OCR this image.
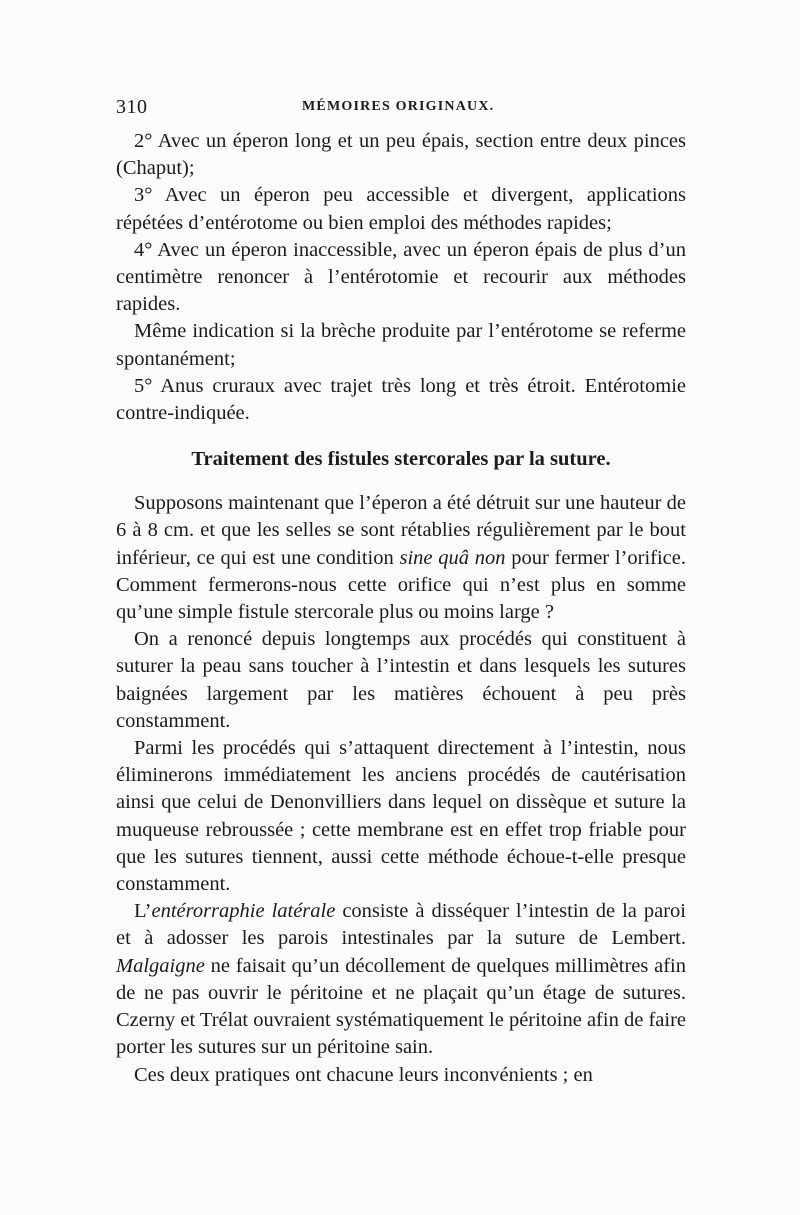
310	MÉMOIRES ORIGINAUX.

2° Avec un éperon long et un peu épais, section entre deux pinces (Chaput);

3° Avec un éperon peu accessible et divergent, applications répétées d’entérotome ou bien emploi des méthodes rapides;

4° Avec un éperon inaccessible, avec un éperon épais de plus d’un centimètre renoncer à l’entérotomie et recourir aux méthodes rapides.

Même indication si la brèche produite par l’entérotome se referme spontanément;

5° Anus cruraux avec trajet très long et très étroit. Entérotomie contre-indiquée.

Traitement des fistules stercorales par la suture.

Supposons maintenant que l’éperon a été détruit sur une hauteur de 6 à 8 cm. et que les selles se sont rétablies régulièrement par le bout inférieur, ce qui est une condition sine quâ non pour fermer l’orifice. Comment fermerons-nous cette orifice qui n’est plus en somme qu’une simple fistule stercorale plus ou moins large ?

On a renoncé depuis longtemps aux procédés qui constituent à suturer la peau sans toucher à l’intestin et dans lesquels les sutures baignées largement par les matières échouent à peu près constamment.

Parmi les procédés qui s’attaquent directement à l’intestin, nous éliminerons immédiatement les anciens procédés de cautérisation ainsi que celui de Denonvilliers dans lequel on dissèque et suture la muqueuse rebroussée ; cette membrane est en effet trop friable pour que les sutures tiennent, aussi cette méthode échoue-t-elle presque constamment.

L’entérorraphie latérale consiste à disséquer l’intestin de la paroi et à adosser les parois intestinales par la suture de Lembert. Malgaigne ne faisait qu’un décollement de quelques millimètres afin de ne pas ouvrir le péritoine et ne plaçait qu’un étage de sutures. Czerny et Trélat ouvraient systématiquement le péritoine afin de faire porter les sutures sur un péritoine sain.

Ces deux pratiques ont chacune leurs inconvénients ; en
